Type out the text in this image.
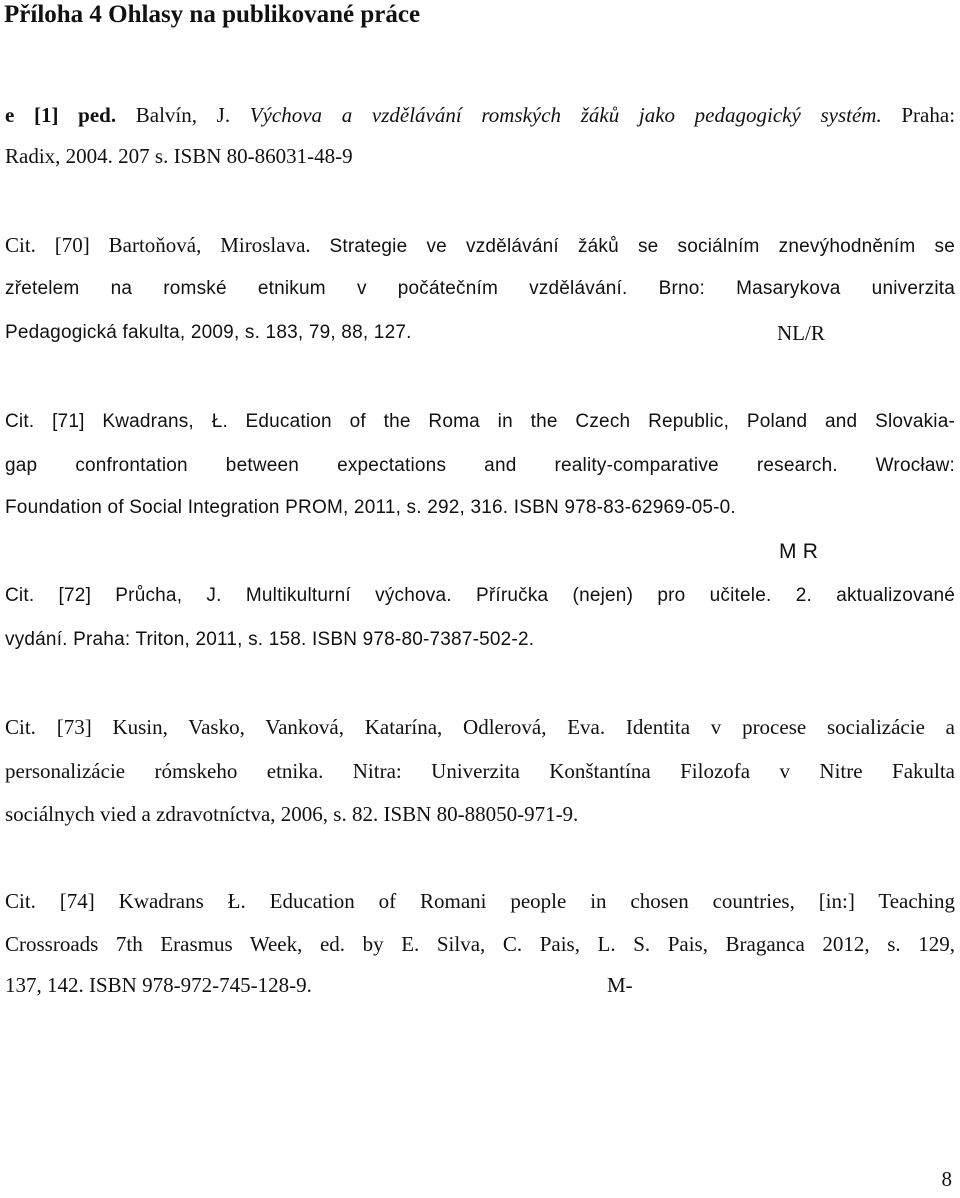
Příloha 4 Ohlasy na publikované práce
e [1] ped. Balvín, J. Výchova a vzdělávání romských žáků jako pedagogický systém. Praha:
Radix, 2004. 207 s. ISBN 80-86031-48-9
Cit. [70] Bartoňová, Miroslava. Strategie ve vzdělávání žáků se sociálním znevýhodněním se
zřetelem na romské etnikum v počátečním vzdělávání. Brno: Masarykova univerzita
Pedagogická fakulta, 2009, s. 183, 79, 88, 127.	NL/R
Cit. [71] Kwadrans, Ł. Education of the Roma in the Czech Republic, Poland and Slovakia-
gap confrontation between expectations and reality-comparative research. Wrocław:
Foundation of Social Integration PROM, 2011, s. 292, 316. ISBN 978-83-62969-05-0.
M R
Cit. [72] Průcha, J. Multikulturní výchova. Příručka (nejen) pro učitele. 2. aktualizované
vydání. Praha: Triton, 2011, s. 158. ISBN 978-80-7387-502-2.
Cit. [73] Kusin, Vasko, Vanková, Katarína, Odlerová, Eva. Identita v procese socializácie a
personalizácie rómskeho etnika. Nitra: Univerzita Konštantína Filozofa v Nitre Fakulta
sociálnych vied a zdravotníctva, 2006, s. 82. ISBN 80-88050-971-9.
Cit. [74] Kwadrans Ł. Education of Romani people in chosen countries, [in:] Teaching
Crossroads 7th Erasmus Week, ed. by E. Silva, C. Pais, L. S. Pais, Braganca 2012, s. 129,
137, 142. ISBN 978-972-745-128-9.	M-
8
